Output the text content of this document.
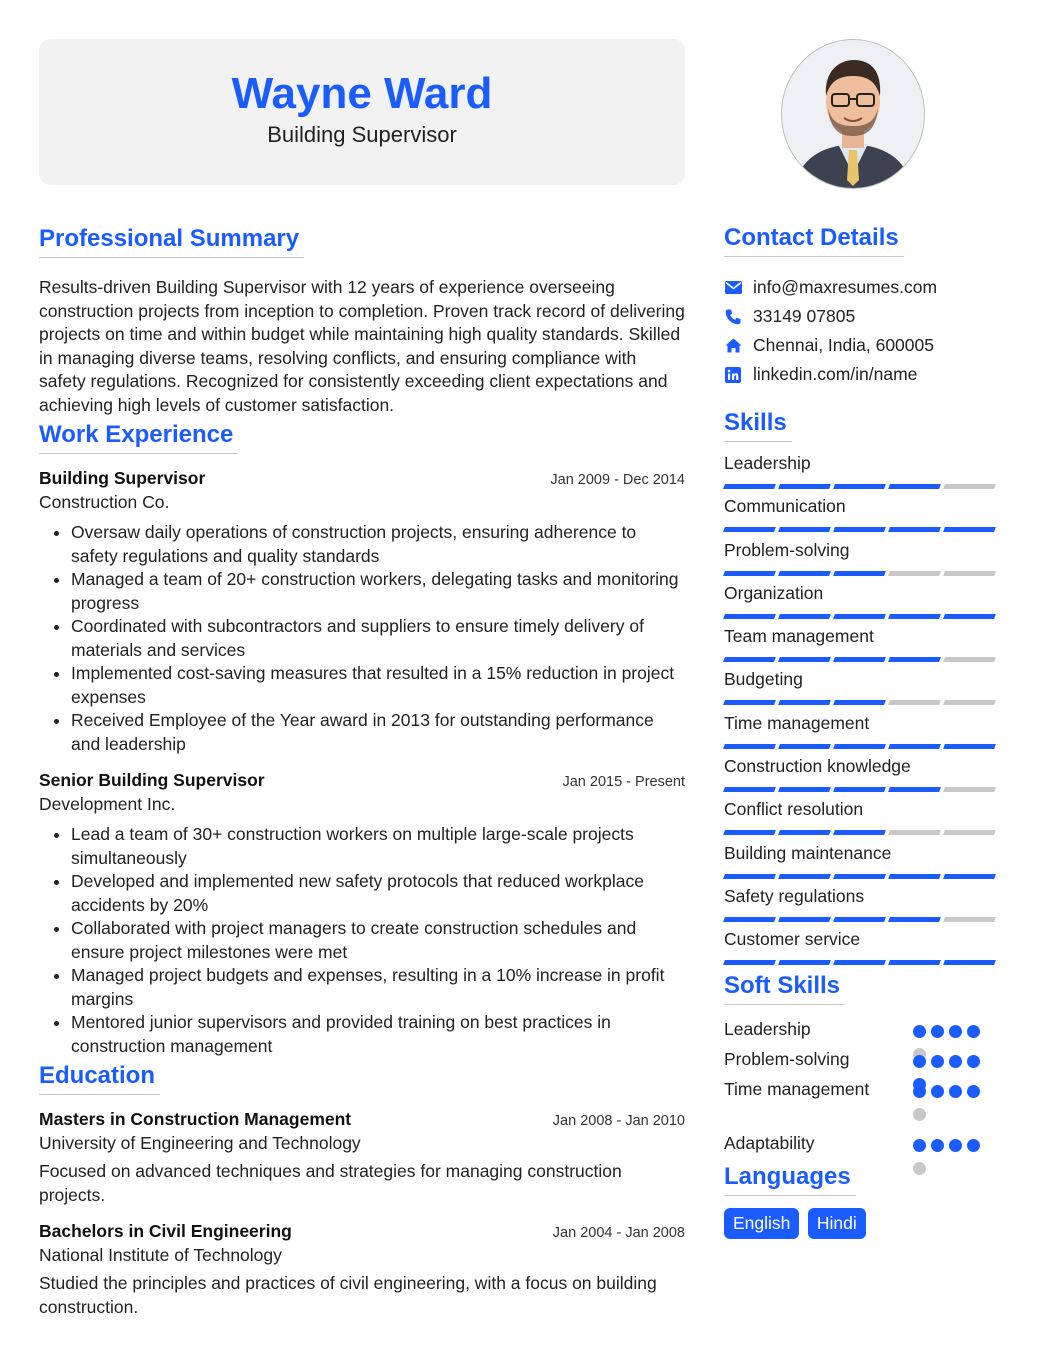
Wayne Ward
Building Supervisor
Professional Summary
Results-driven Building Supervisor with 12 years of experience overseeing construction projects from inception to completion. Proven track record of delivering projects on time and within budget while maintaining high quality standards. Skilled in managing diverse teams, resolving conflicts, and ensuring compliance with safety regulations. Recognized for consistently exceeding client expectations and achieving high levels of customer satisfaction.
Work Experience
Building Supervisor	Jan 2009 - Dec 2014
Construction Co.
• Oversaw daily operations of construction projects, ensuring adherence to safety regulations and quality standards
• Managed a team of 20+ construction workers, delegating tasks and monitoring progress
• Coordinated with subcontractors and suppliers to ensure timely delivery of materials and services
• Implemented cost-saving measures that resulted in a 15% reduction in project expenses
• Received Employee of the Year award in 2013 for outstanding performance and leadership
Senior Building Supervisor	Jan 2015 - Present
Development Inc.
• Lead a team of 30+ construction workers on multiple large-scale projects simultaneously
• Developed and implemented new safety protocols that reduced workplace accidents by 20%
• Collaborated with project managers to create construction schedules and ensure project milestones were met
• Managed project budgets and expenses, resulting in a 10% increase in profit margins
• Mentored junior supervisors and provided training on best practices in construction management
Education
Masters in Construction Management	Jan 2008 - Jan 2010
University of Engineering and Technology
Focused on advanced techniques and strategies for managing construction projects.
Bachelors in Civil Engineering	Jan 2004 - Jan 2008
National Institute of Technology
Studied the principles and practices of civil engineering, with a focus on building construction.
Contact Details
info@maxresumes.com
33149 07805
Chennai, India, 600005
linkedin.com/in/name
Skills
Leadership
Communication
Problem-solving
Organization
Team management
Budgeting
Time management
Construction knowledge
Conflict resolution
Building maintenance
Safety regulations
Customer service
Soft Skills
Leadership
Problem-solving
Time management
Adaptability
Languages
English Hindi
